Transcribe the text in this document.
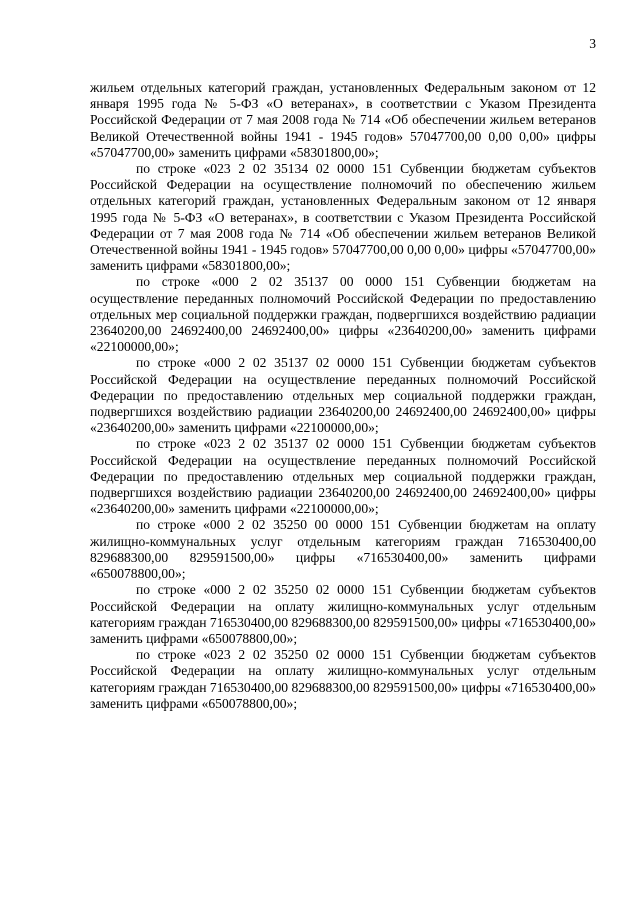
3

жильем отдельных категорий граждан, установленных Федеральным законом от 12 января 1995 года № 5-ФЗ «О ветеранах», в соответствии с Указом Президента Российской Федерации от 7 мая 2008 года № 714 «Об обеспечении жильем ветеранов Великой Отечественной войны 1941 - 1945 годов» 57047700,00 0,00 0,00» цифры «57047700,00» заменить цифрами «58301800,00»;

по строке «023 2 02 35134 02 0000 151 Субвенции бюджетам субъектов Российской Федерации на осуществление полномочий по обеспечению жильем отдельных категорий граждан, установленных Федеральным законом от 12 января 1995 года № 5-ФЗ «О ветеранах», в соответствии с Указом Президента Российской Федерации от 7 мая 2008 года № 714 «Об обеспечении жильем ветеранов Великой Отечественной войны 1941 - 1945 годов» 57047700,00 0,00 0,00» цифры «57047700,00» заменить цифрами «58301800,00»;

по строке «000 2 02 35137 00 0000 151 Субвенции бюджетам на осуществление переданных полномочий Российской Федерации по предоставлению отдельных мер социальной поддержки граждан, подвергшихся воздействию радиации 23640200,00 24692400,00 24692400,00» цифры «23640200,00» заменить цифрами «22100000,00»;

по строке «000 2 02 35137 02 0000 151 Субвенции бюджетам субъектов Российской Федерации на осуществление переданных полномочий Российской Федерации по предоставлению отдельных мер социальной поддержки граждан, подвергшихся воздействию радиации 23640200,00 24692400,00 24692400,00» цифры «23640200,00» заменить цифрами «22100000,00»;

по строке «023 2 02 35137 02 0000 151 Субвенции бюджетам субъектов Российской Федерации на осуществление переданных полномочий Российской Федерации по предоставлению отдельных мер социальной поддержки граждан, подвергшихся воздействию радиации 23640200,00 24692400,00 24692400,00» цифры «23640200,00» заменить цифрами «22100000,00»;

по строке «000 2 02 35250 00 0000 151 Субвенции бюджетам на оплату жилищно-коммунальных услуг отдельным категориям граждан 716530400,00 829688300,00 829591500,00» цифры «716530400,00» заменить цифрами «650078800,00»;

по строке «000 2 02 35250 02 0000 151 Субвенции бюджетам субъектов Российской Федерации на оплату жилищно-коммунальных услуг отдельным категориям граждан 716530400,00 829688300,00 829591500,00» цифры «716530400,00» заменить цифрами «650078800,00»;

по строке «023 2 02 35250 02 0000 151 Субвенции бюджетам субъектов Российской Федерации на оплату жилищно-коммунальных услуг отдельным категориям граждан 716530400,00 829688300,00 829591500,00» цифры «716530400,00» заменить цифрами «650078800,00»;
